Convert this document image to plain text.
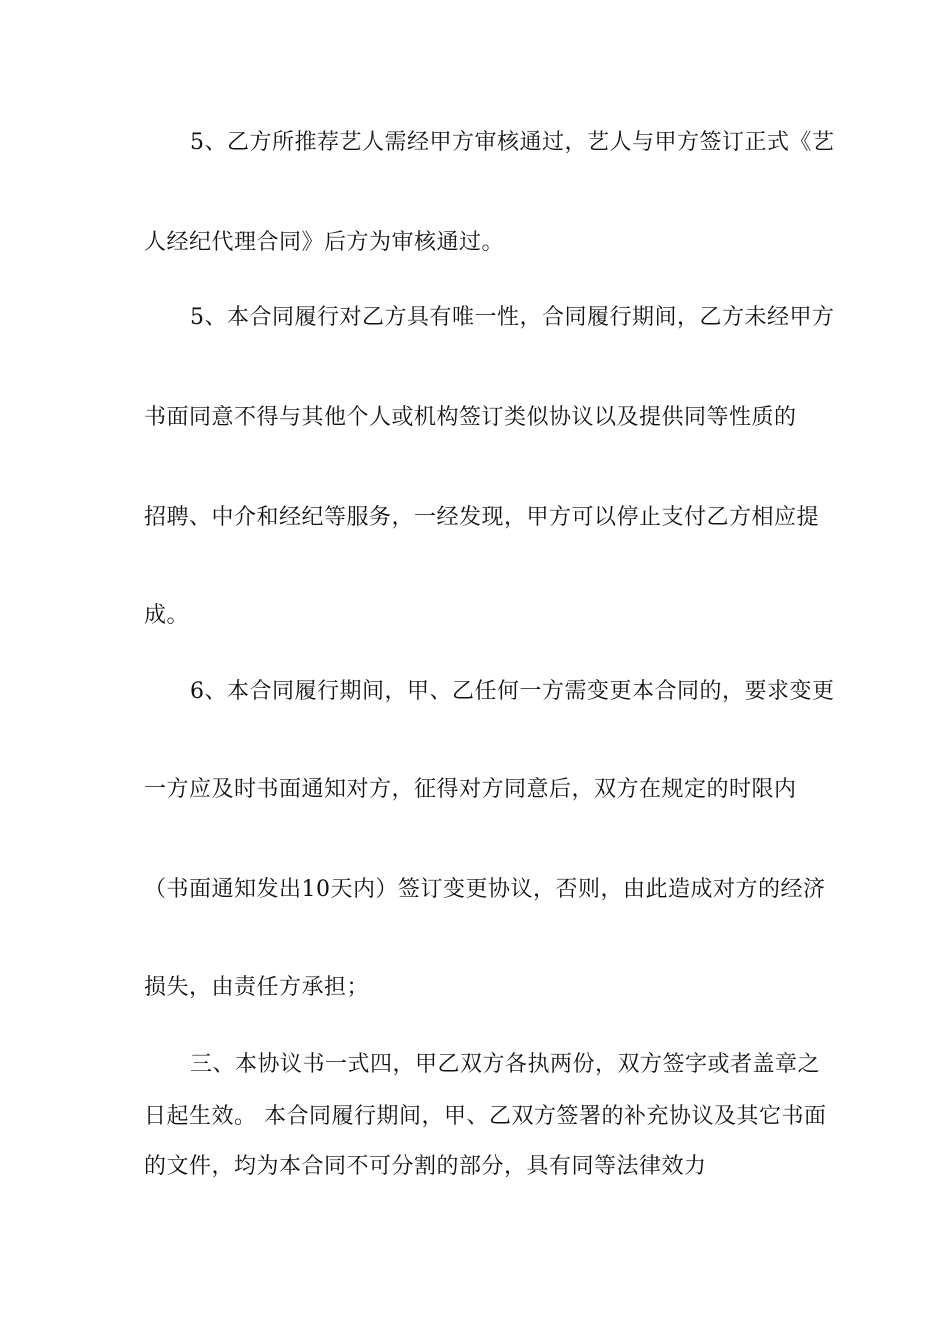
5、乙方所推荐艺人需经甲方审核通过，艺人与甲方签订正式《艺
人经纪代理合同》后方为审核通过。
5、本合同履行对乙方具有唯一性，合同履行期间，乙方未经甲方
书面同意不得与其他个人或机构签订类似协议以及提供同等性质的
招聘、中介和经纪等服务，一经发现，甲方可以停止支付乙方相应提
成。
6、本合同履行期间，甲、乙任何一方需变更本合同的，要求变更
一方应及时书面通知对方，征得对方同意后，双方在规定的时限内
（书面通知发出10天内）签订变更协议，否则，由此造成对方的经济
损失，由责任方承担；
三、本协议书一式四，甲乙双方各执两份，双方签字或者盖章之
日起生效。 本合同履行期间，甲、乙双方签署的补充协议及其它书面
的文件，均为本合同不可分割的部分，具有同等法律效力
